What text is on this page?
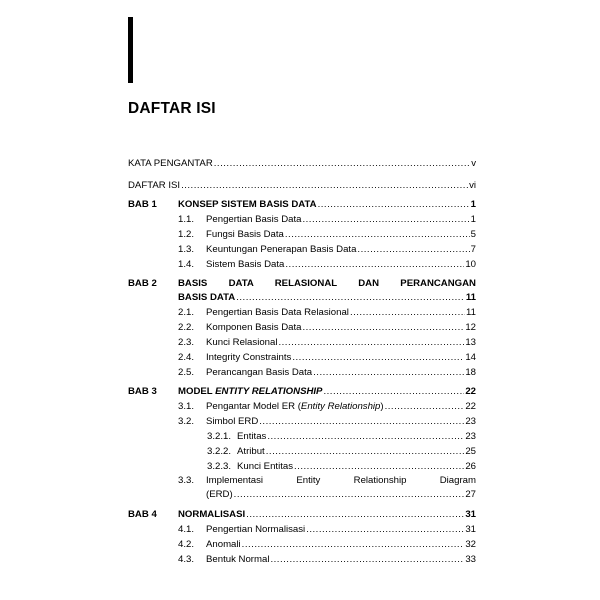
DAFTAR ISI
KATA PENGANTAR .....	v
DAFTAR ISI .....	vi
BAB 1 KONSEP SISTEM BASIS DATA .....	1
1.1. Pengertian Basis Data .....	1
1.2. Fungsi Basis Data .....	5
1.3. Keuntungan Penerapan Basis Data .....	7
1.4. Sistem Basis Data .....	10
BAB 2 BASIS DATA RELASIONAL DAN PERANCANGAN
BASIS DATA .....	11
2.1. Pengertian Basis Data Relasional .....	11
2.2. Komponen Basis Data .....	12
2.3. Kunci Relasional .....	13
2.4. Integrity Constraints .....	14
2.5. Perancangan Basis Data .....	18
BAB 3 MODEL ENTITY RELATIONSHIP .....	22
3.1. Pengantar Model ER (Entity Relationship) .....	22
3.2. Simbol ERD .....	23
3.2.1. Entitas .....	23
3.2.2. Atribut .....	25
3.2.3. Kunci Entitas .....	26
3.3.	Implementasi Entity Relationship Diagram
(ERD) .....	27
BAB 4 NORMALISASI .....	31
4.1. Pengertian Normalisasi .....	31
4.2. Anomali .....	32
4.3. Bentuk Normal .....	33
